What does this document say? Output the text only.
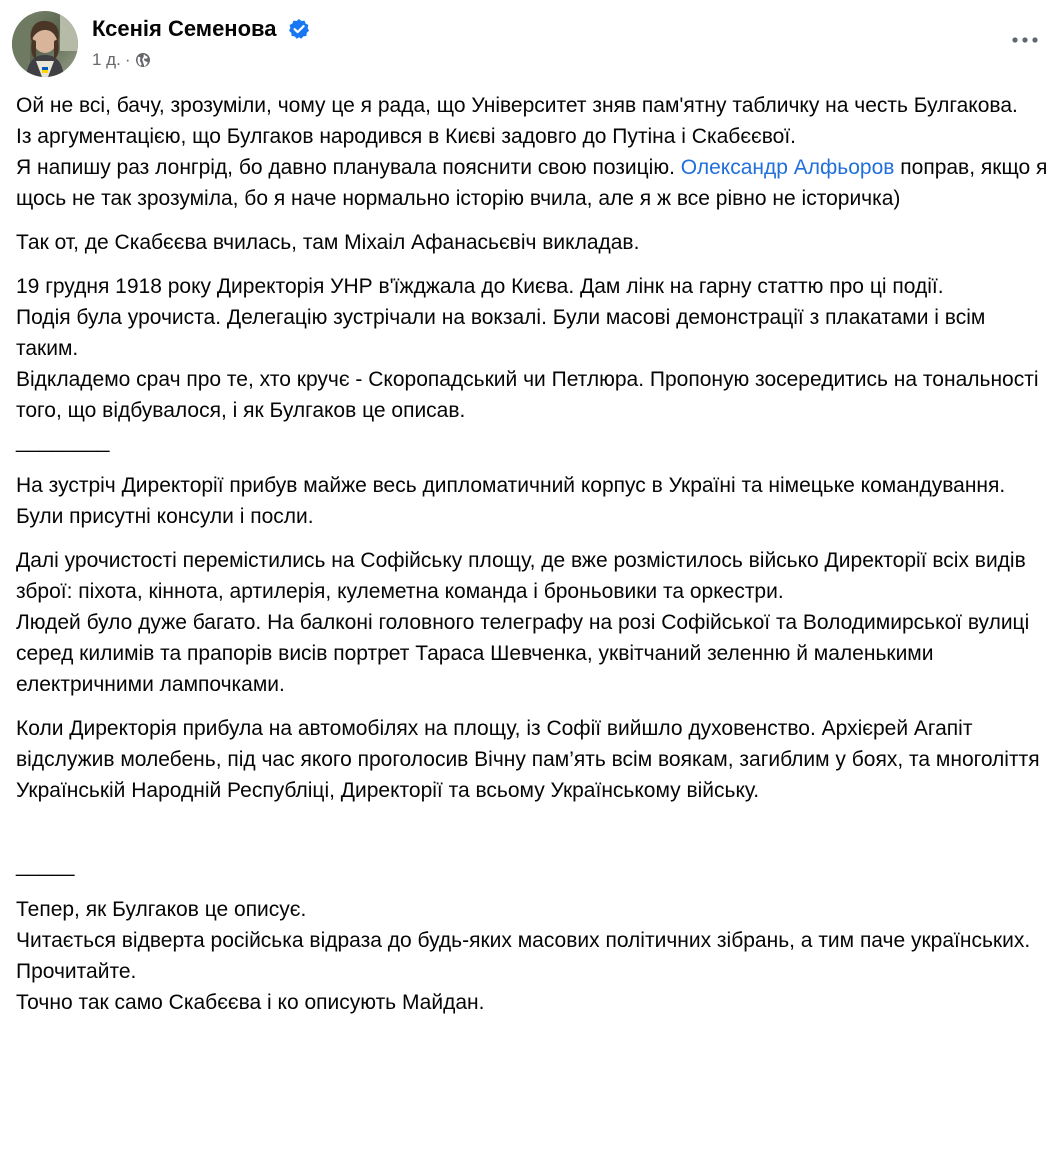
Ксенія Семенова
1 д. ·

Ой не всі, бачу, зрозуміли, чому це я рада, що Університет зняв пам'ятну табличку на честь Булгакова.
Із аргументацією, що Булгаков народився в Києві задовго до Путіна і Скабєєвої.
Я напишу раз лонгрід, бо давно планувала пояснити свою позицію. Олександр Алфьоров поправ, якщо я щось не так зрозуміла, бо я наче нормально історію вчила, але я ж все рівно не історичка)

Так от, де Скабєєва вчилась, там Міхаіл Афанасьєвіч викладав.

19 грудня 1918 року Директорія УНР в'їжджала до Києва. Дам лінк на гарну статтю про ці події.
Подія була урочиста. Делегацію зустрічали на вокзалі. Були масові демонстрації з плакатами і всім таким.
Відкладемо срач про те, хто кручє - Скоропадський чи Петлюра. Пропоную зосередитись на тональності того, що відбувалося, і як Булгаков це описав.
________

На зустріч Директорії прибув майже весь дипломатичний корпус в Україні та німецьке командування. Були присутні консули і посли.

Далі урочистості перемістились на Софійську площу, де вже розмістилось військо Директорії всіх видів зброї: піхота, кіннота, артилерія, кулеметна команда і броньовики та оркестри.
Людей було дуже багато. На балконі головного телеграфу на розі Софійської та Володимирської вулиці серед килимів та прапорів висів портрет Тараса Шевченка, уквітчаний зеленню й маленькими електричними лампочками.

Коли Директорія прибула на автомобілях на площу, із Софії вийшло духовенство. Архієрей Агапіт відслужив молебень, під час якого проголосив Вічну пам’ять всім воякам, загиблим у боях, та многоліття Українській Народній Республіці, Директорії та всьому Українському війську.

_____

Тепер, як Булгаков це описує.
Читається відверта російська відраза до будь-яких масових політичних зібрань, а тим паче українських.
Прочитайте.
Точно так само Скабєєва і ко описують Майдан.
